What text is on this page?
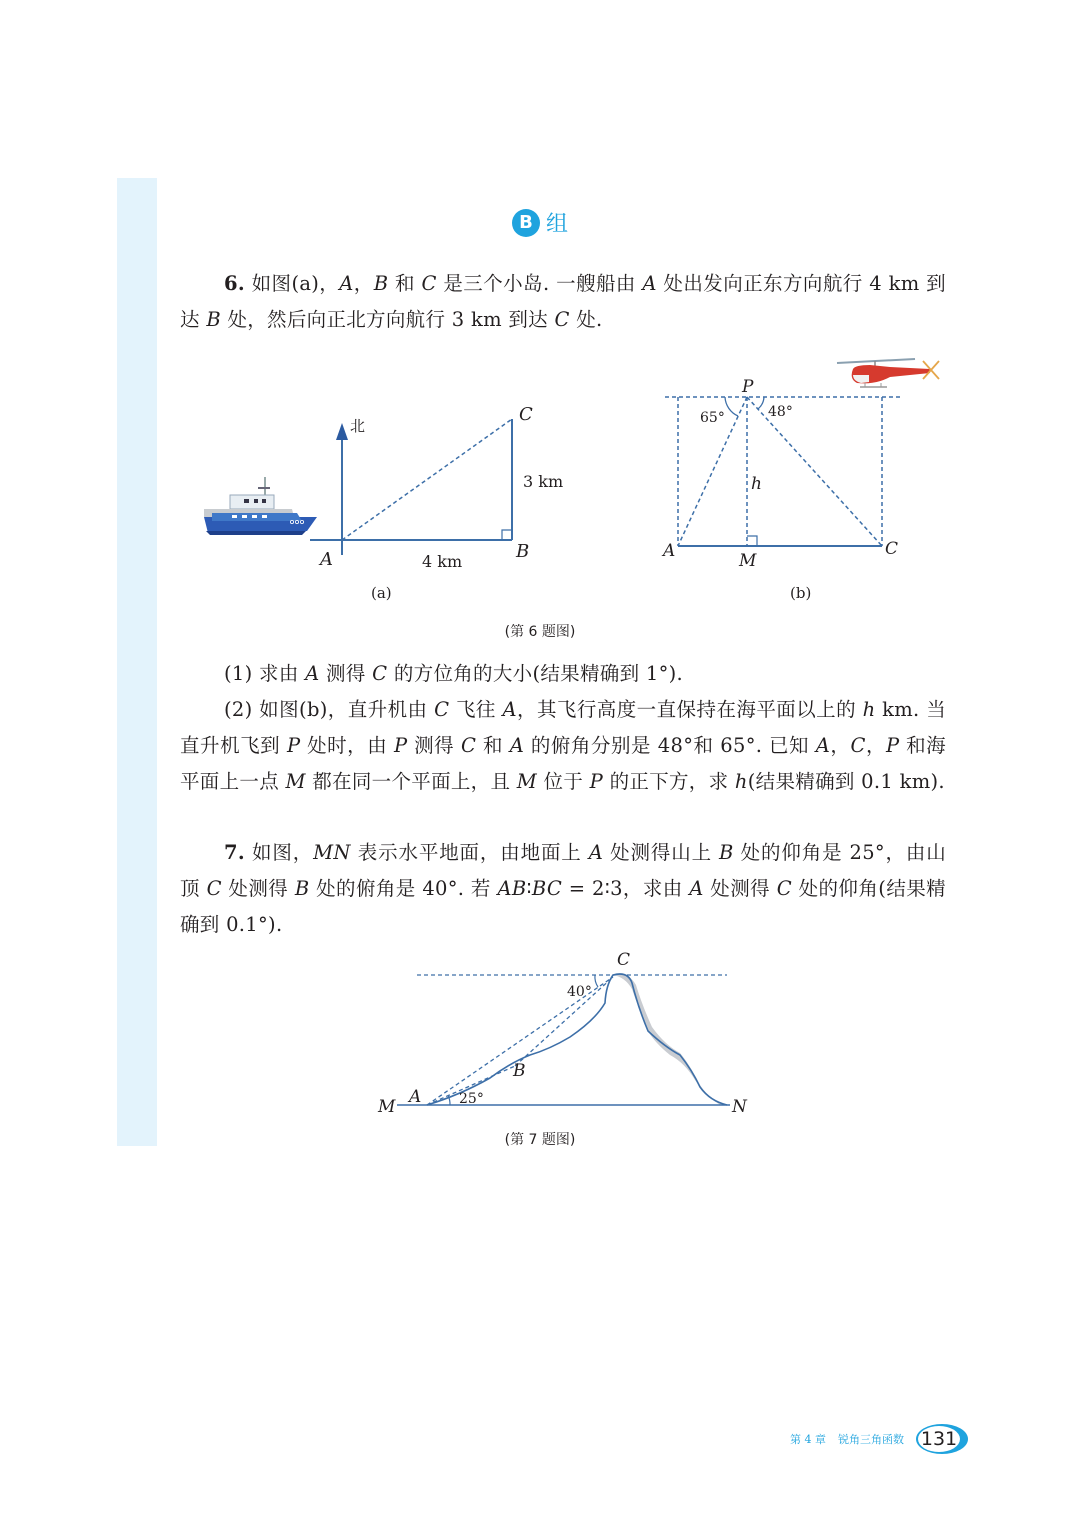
B 组
6. 如图(a)，A，B 和 C 是三个小岛. 一艘船由 A 处出发向正东方向航行 4 km 到达 B 处，然后向正北方向航行 3 km 到达 C 处.
北
A	B
C
4 km
3 km
(a)
P
65°	48°
h
A	M
C
(b)
(第 6 题图)
(1) 求由 A 测得 C 的方位角的大小(结果精确到 1°).
(2) 如图(b)，直升机由 C 飞往 A，其飞行高度一直保持在海平面以上的 h km. 当直升机飞到 P 处时，由 P 测得 C 和 A 的俯角分别是 48°和 65°. 已知 A，C，P 和海平面上一点 M 都在同一个平面上，且 M 位于 P 的正下方，求 h(结果精确到 0.1 km).
7. 如图，MN 表示水平地面，由地面上 A 处测得山上 B 处的仰角是 25°，由山顶 C 处测得 B 处的俯角是 40°. 若 AB∶BC = 2∶3，求由 A 处测得 C 处的仰角(结果精确到 0.1°).
M	N
A
B
C
25°
40°
(第 7 题图)
第 4 章 锐角三角函数 131
